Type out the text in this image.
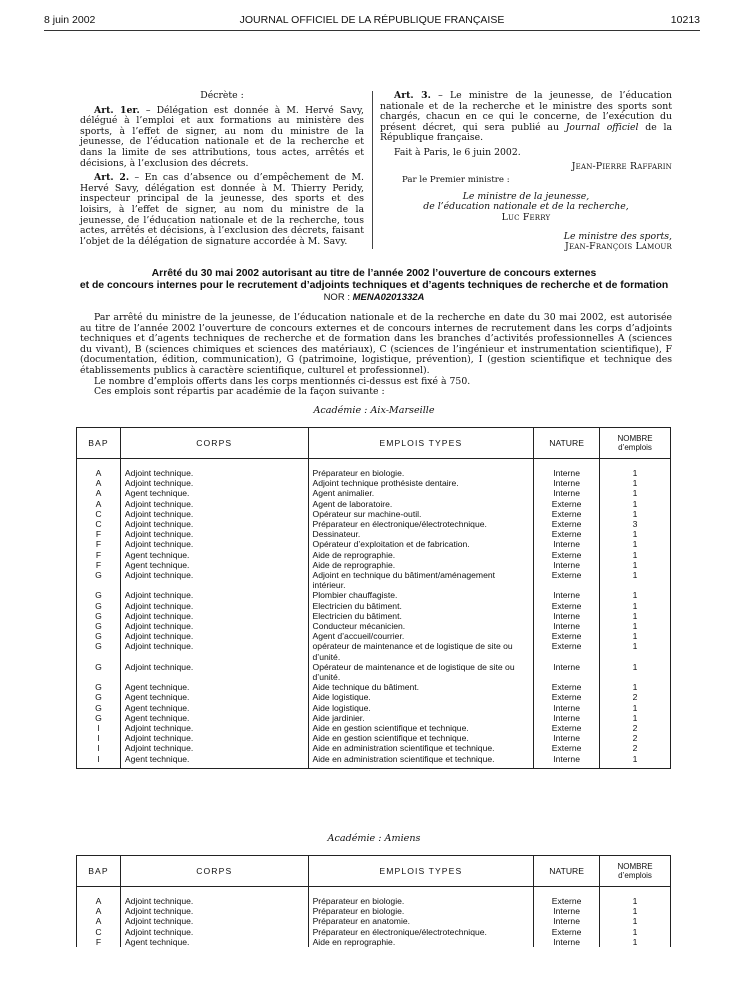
8 juin 2002	JOURNAL OFFICIEL DE LA RÉPUBLIQUE FRANÇAISE	10213

Décrète :

Art. 1er. – Délégation est donnée à M. Hervé Savy, délégué à l’emploi et aux formations au ministère des sports, à l’effet de signer, au nom du ministre de la jeunesse, de l’éducation nationale et de la recherche et dans la limite de ses attributions, tous actes, arrêtés et décisions, à l’exclusion des décrets.

Art. 2. – En cas d’absence ou d’empêchement de M. Hervé Savy, délégation est donnée à M. Thierry Peridy, inspecteur principal de la jeunesse, des sports et des loisirs, à l’effet de signer, au nom du ministre de la jeunesse, de l’éducation nationale et de la recherche, tous actes, arrêtés et décisions, à l’exclusion des décrets, faisant l’objet de la délégation de signature accordée à M. Savy.

Art. 3. – Le ministre de la jeunesse, de l’éducation nationale et de la recherche et le ministre des sports sont chargés, chacun en ce qui le concerne, de l’exécution du présent décret, qui sera publié au Journal officiel de la République française.

Fait à Paris, le 6 juin 2002.

Jean-Pierre Raffarin

Par le Premier ministre :

Le ministre de la jeunesse,

de l’éducation nationale et de la recherche,

Luc Ferry

Le ministre des sports,

Jean-François Lamour

Arrêté du 30 mai 2002 autorisant au titre de l’année 2002 l’ouverture de concours externes
et de concours internes pour le recrutement d’adjoints techniques et d’agents techniques de recherche et de formation
NOR : MENA0201332A

Par arrêté du ministre de la jeunesse, de l’éducation nationale et de la recherche en date du 30 mai 2002, est autorisée au titre de l’année 2002 l’ouverture de concours externes et de concours internes de recrutement dans les corps d’adjoints techniques et d’agents techniques de recherche et de formation dans les branches d’activités professionnelles A (sciences du vivant), B (sciences chimiques et sciences des matériaux), C (sciences de l’ingénieur et instrumentation scientifique), F (documentation, édition, communication), G (patrimoine, logistique, prévention), I (gestion scientifique et technique des établissements publics à caractère scientifique, culturel et professionnel).

Le nombre d’emplois offerts dans les corps mentionnés ci-dessus est fixé à 750.

Ces emplois sont répartis par académie de la façon suivante :

Académie : Aix-Marseille
BAP	CORPS	EMPLOIS TYPES	NATURE	NOMBRE
d’emplois

A	Adjoint technique.	Préparateur en biologie.	Interne	1
A	Adjoint technique.	Adjoint technique prothésiste dentaire.	Interne	1
A	Agent technique.	Agent animalier.	Interne	1
A	Adjoint technique.	Agent de laboratoire.	Externe	1
C	Adjoint technique.	Opérateur sur machine-outil.	Externe	1
C	Adjoint technique.	Préparateur en électronique/électrotechnique.	Externe	3
F	Adjoint technique.	Dessinateur.	Externe	1
F	Adjoint technique.	Opérateur d’exploitation et de fabrication.	Interne	1
F	Agent technique.	Aide de reprographie.	Externe	1
F	Agent technique.	Aide de reprographie.	Interne	1
G	Adjoint technique.	Adjoint en technique du bâtiment/aménagement intérieur.	Externe	1
G	Adjoint technique.	Plombier chauffagiste.	Interne	1
G	Adjoint technique.	Electricien du bâtiment.	Externe	1
G	Adjoint technique.	Electricien du bâtiment.	Interne	1
G	Adjoint technique.	Conducteur mécanicien.	Interne	1
G	Adjoint technique.	Agent d’accueil/courrier.	Externe	1
G	Adjoint technique.	opérateur de maintenance et de logistique de site ou d’unité.	Externe	1
G	Adjoint technique.	Opérateur de maintenance et de logistique de site ou d’unité.	Interne	1
G	Agent technique.	Aide technique du bâtiment.	Externe	1
G	Agent technique.	Aide logistique.	Externe	2
G	Agent technique.	Aide logistique.	Interne	1
G	Agent technique.	Aide jardinier.	Interne	1
I	Adjoint technique.	Aide en gestion scientifique et technique.	Externe	2
I	Adjoint technique.	Aide en gestion scientifique et technique.	Interne	2
I	Adjoint technique.	Aide en administration scientifique et technique.	Externe	2
I	Agent technique.	Aide en administration scientifique et technique.	Interne	1

Académie : Amiens
BAP	CORPS	EMPLOIS TYPES	NATURE	NOMBRE
d’emplois

A	Adjoint technique.	Préparateur en biologie.	Externe	1
A	Adjoint technique.	Préparateur en biologie.	Interne	1
A	Adjoint technique.	Préparateur en anatomie.	Interne	1
C	Adjoint technique.	Préparateur en électronique/électrotechnique.	Externe	1
F	Agent technique.	Aide en reprographie.	Interne	1
